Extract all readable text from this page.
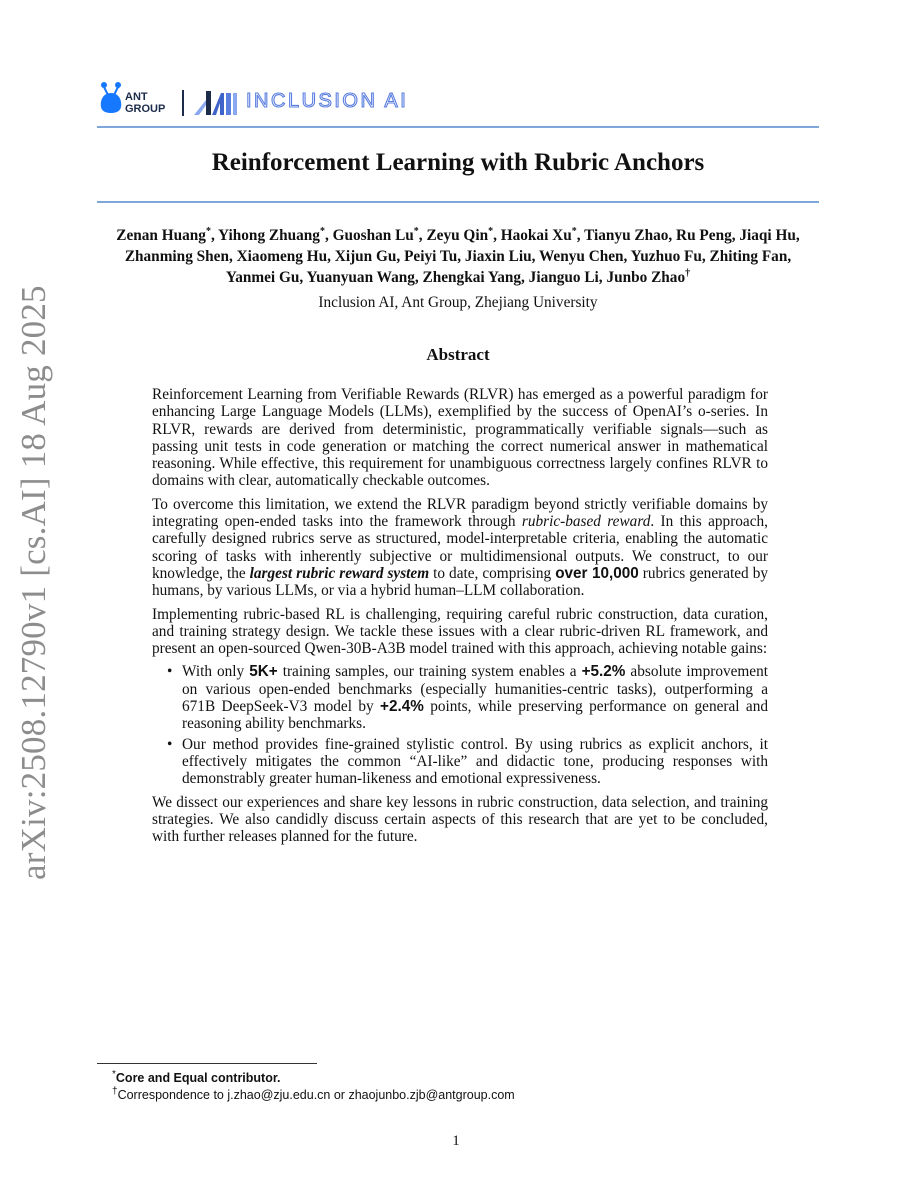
arXiv:2508.12790v1 [cs.AI] 18 Aug 2025
ANT
GROUP	INCLUSION AI
Reinforcement Learning with Rubric Anchors
Zenan Huang*, Yihong Zhuang*, Guoshan Lu*, Zeyu Qin*, Haokai Xu*, Tianyu Zhao, Ru Peng, Jiaqi Hu,
Zhanming Shen, Xiaomeng Hu, Xijun Gu, Peiyi Tu, Jiaxin Liu, Wenyu Chen, Yuzhuo Fu, Zhiting Fan,
Yanmei Gu, Yuanyuan Wang, Zhengkai Yang, Jianguo Li, Junbo Zhao†
Inclusion AI, Ant Group, Zhejiang University
Abstract

Reinforcement Learning from Verifiable Rewards (RLVR) has emerged as a powerful paradigm for enhancing Large Language Models (LLMs), exemplified by the success of OpenAI’s o-series. In RLVR, rewards are derived from deterministic, programmatically verifiable signals—such as passing unit tests in code generation or matching the correct numerical answer in mathematical reasoning. While effective, this requirement for unambiguous correctness largely confines RLVR to domains with clear, automatically checkable outcomes.

To overcome this limitation, we extend the RLVR paradigm beyond strictly verifiable domains by integrating open-ended tasks into the framework through rubric-based reward. In this approach, carefully designed rubrics serve as structured, model-interpretable criteria, enabling the automatic scoring of tasks with inherently subjective or multidimensional outputs. We construct, to our knowledge, the largest rubric reward system to date, comprising over 10,000 rubrics generated by humans, by various LLMs, or via a hybrid human–LLM collaboration.

Implementing rubric-based RL is challenging, requiring careful rubric construction, data curation, and training strategy design. We tackle these issues with a clear rubric-driven RL framework, and present an open-sourced Qwen-30B-A3B model trained with this approach, achieving notable gains:

• With only 5K+ training samples, our training system enables a +5.2% absolute improvement on various open-ended benchmarks (especially humanities-centric tasks), outperforming a 671B DeepSeek-V3 model by +2.4% points, while preserving performance on general and reasoning ability benchmarks.
• Our method provides fine-grained stylistic control. By using rubrics as explicit anchors, it effectively mitigates the common “AI-like” and didactic tone, producing responses with demonstrably greater human-likeness and emotional expressiveness.

We dissect our experiences and share key lessons in rubric construction, data selection, and training strategies. We also candidly discuss certain aspects of this research that are yet to be concluded, with further releases planned for the future.

*Core and Equal contributor.
†Correspondence to j.zhao@zju.edu.cn or zhaojunbo.zjb@antgroup.com
1
